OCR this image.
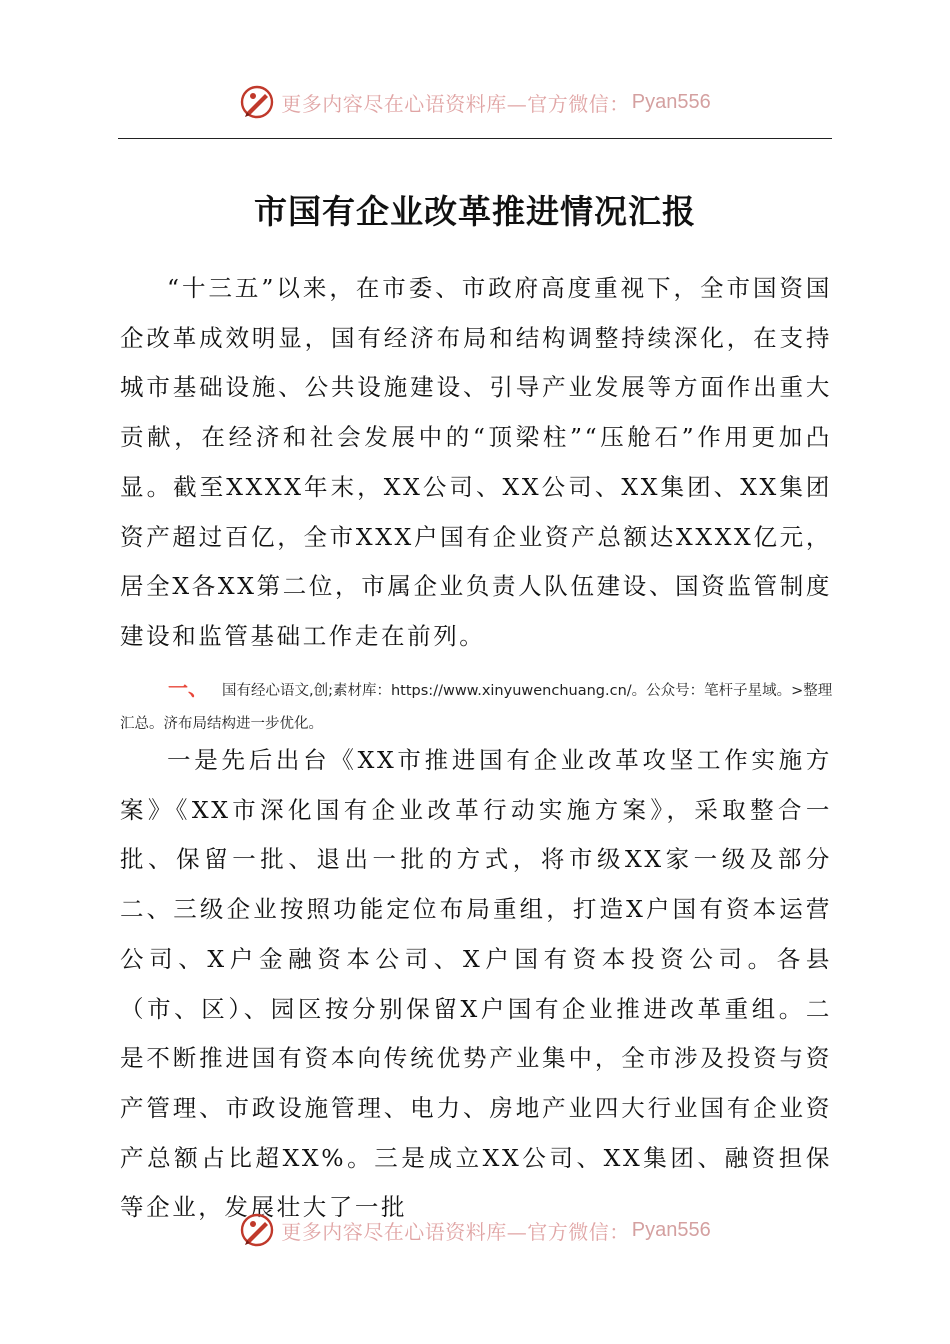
更多内容尽在心语资料库—官方微信： Pyan556
市国有企业改革推进情况汇报

“十三五”以来，在市委、市政府高度重视下，全市国资国企改革成效明显，国有经济布局和结构调整持续深化，在支持城市基础设施、公共设施建设、引导产业发展等方面作出重大贡献，在经济和社会发展中的“顶梁柱”“压舱石”作用更加凸显。截至XXXX年末，XX公司、XX公司、XX集团、XX集团资产超过百亿，全市XXX户国有企业资产总额达XXXX亿元，居全X各XX第二位，市属企业负责人队伍建设、国资监管制度建设和监管基础工作走在前列。

一、 国有经心语文,创;素材库：https://www.xinyuwenchuang.cn/。公众号：笔杆子星域。>整理汇总。济布局结构进一步优化。

一是先后出台《XX市推进国有企业改革攻坚工作实施方案》《XX市深化国有企业改革行动实施方案》，采取整合一批、保留一批、退出一批的方式，将市级XX家一级及部分二、三级企业按照功能定位布局重组，打造X户国有资本运营公司、X户金融资本公司、X户国有资本投资公司。各县（市、区）、园区按分别保留X户国有企业推进改革重组。二是不断推进国有资本向传统优势产业集中，全市涉及投资与资产管理、市政设施管理、电力、房地产业四大行业国有企业资产总额占比超XX%。三是成立XX公司、XX集团、融资担保等企业，发展壮大了一批

更多内容尽在心语资料库—官方微信： Pyan556
